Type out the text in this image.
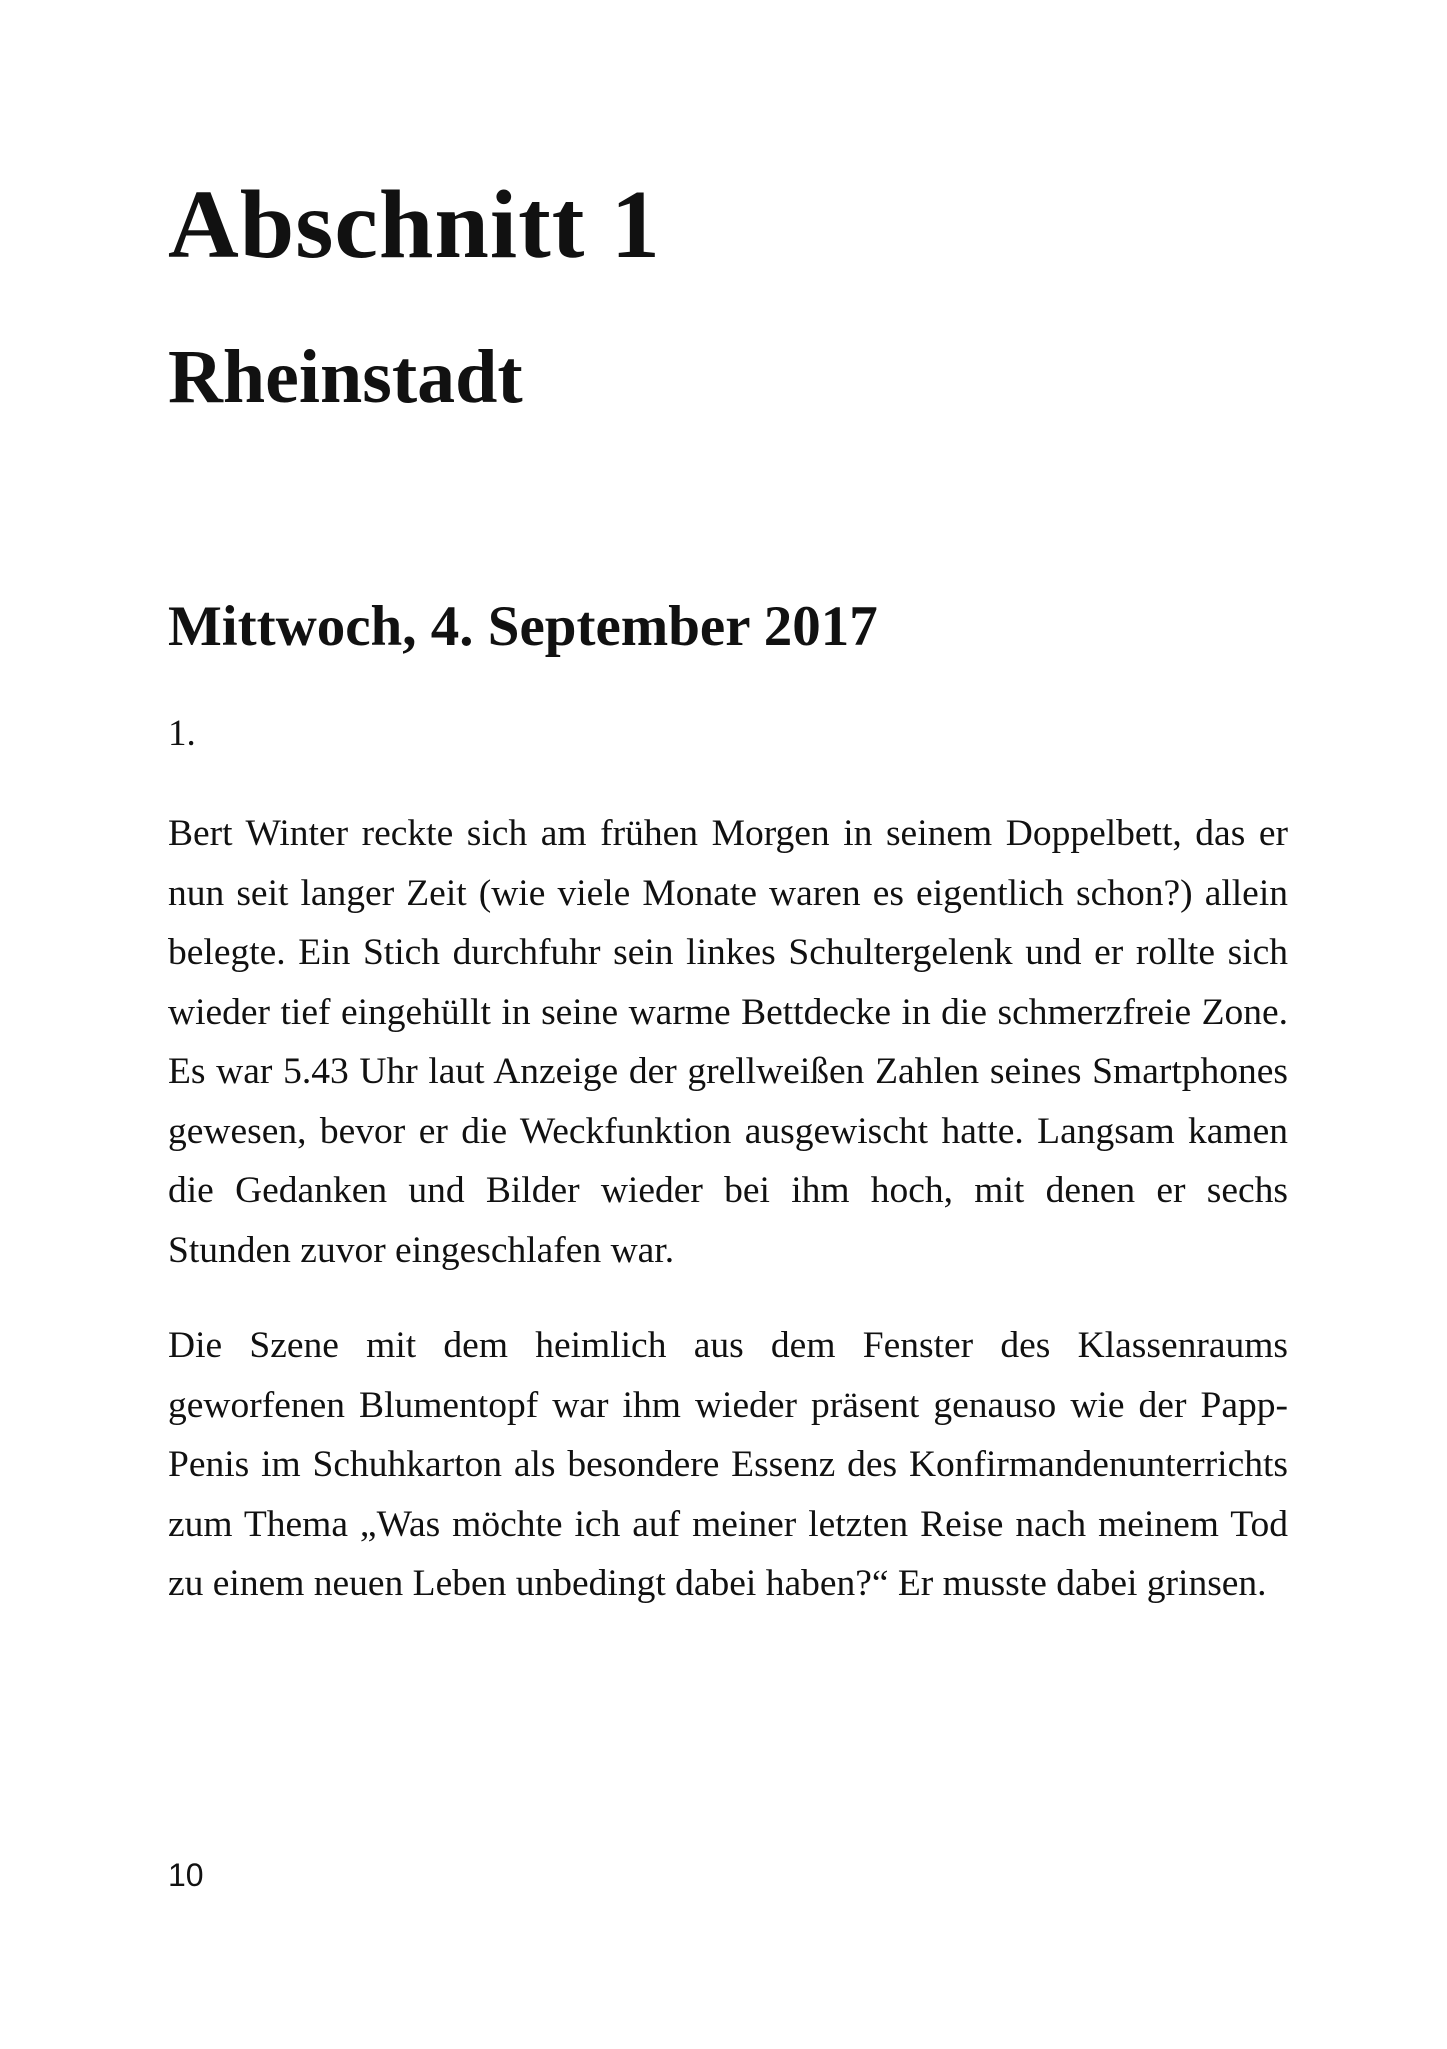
Abschnitt 1
Rheinstadt
Mittwoch, 4. September 2017
1.

Bert Winter reckte sich am frühen Morgen in seinem Doppelbett, das er nun seit langer Zeit (wie viele Monate waren es eigentlich schon?) allein belegte. Ein Stich durchfuhr sein linkes Schultergelenk und er rollte sich wieder tief eingehüllt in seine warme Bettdecke in die schmerzfreie Zone. Es war 5.43 Uhr laut Anzeige der grellweißen Zahlen seines Smartphones gewesen, bevor er die Weckfunktion ausgewischt hatte. Langsam kamen die Gedanken und Bilder wieder bei ihm hoch, mit denen er sechs Stunden zuvor eingeschlafen war.

Die Szene mit dem heimlich aus dem Fenster des Klassenraums geworfenen Blumentopf war ihm wieder präsent genauso wie der Papp-Penis im Schuhkarton als besondere Essenz des Konfirmandenunterrichts zum Thema „Was möchte ich auf meiner letzten Reise nach meinem Tod zu einem neuen Leben unbedingt dabei haben?“ Er musste dabei grinsen.

10
